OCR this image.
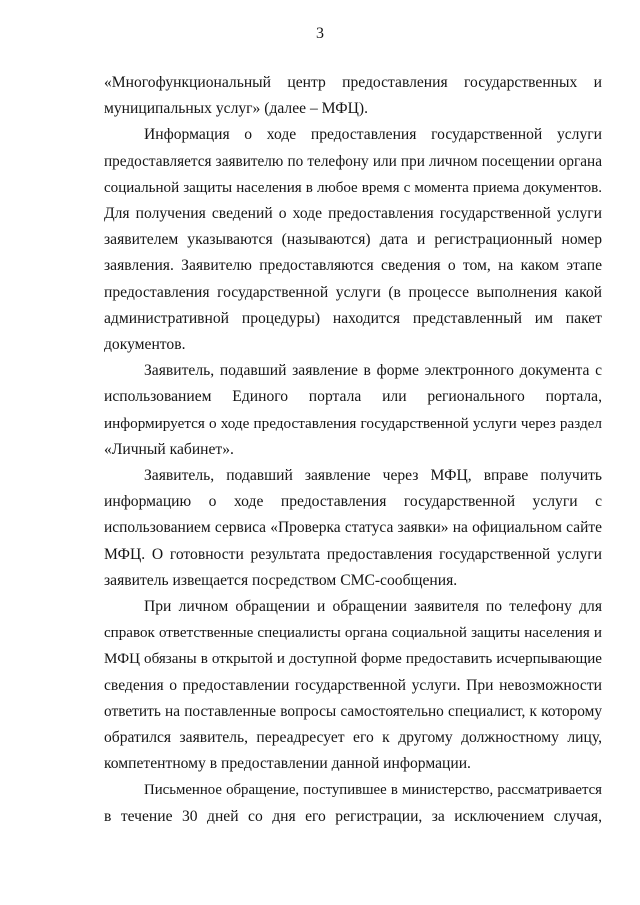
3

«Многофункциональный центр предоставления государственных и
муниципальных услуг» (далее – МФЦ).

Информация о ходе предоставления государственной услуги
предоставляется заявителю по телефону или при личном посещении органа
социальной защиты населения в любое время с момента приема документов.
Для получения сведений о ходе предоставления государственной услуги
заявителем указываются (называются) дата и регистрационный номер
заявления. Заявителю предоставляются сведения о том, на каком этапе
предоставления государственной услуги (в процессе выполнения какой
административной процедуры) находится представленный им пакет
документов.

Заявитель, подавший заявление в форме электронного документа с
использованием Единого портала или регионального портала,
информируется о ходе предоставления государственной услуги через раздел
«Личный кабинет».

Заявитель, подавший заявление через МФЦ, вправе получить
информацию о ходе предоставления государственной услуги с
использованием сервиса «Проверка статуса заявки» на официальном сайте
МФЦ. О готовности результата предоставления государственной услуги
заявитель извещается посредством СМС-сообщения.

При личном обращении и обращении заявителя по телефону для
справок ответственные специалисты органа социальной защиты населения и
МФЦ обязаны в открытой и доступной форме предоставить исчерпывающие
сведения о предоставлении государственной услуги. При невозможности
ответить на поставленные вопросы самостоятельно специалист, к которому
обратился заявитель, переадресует его к другому должностному лицу,
компетентному в предоставлении данной информации.

Письменное обращение, поступившее в министерство, рассматривается
в течение 30 дней со дня его регистрации, за исключением случая,
